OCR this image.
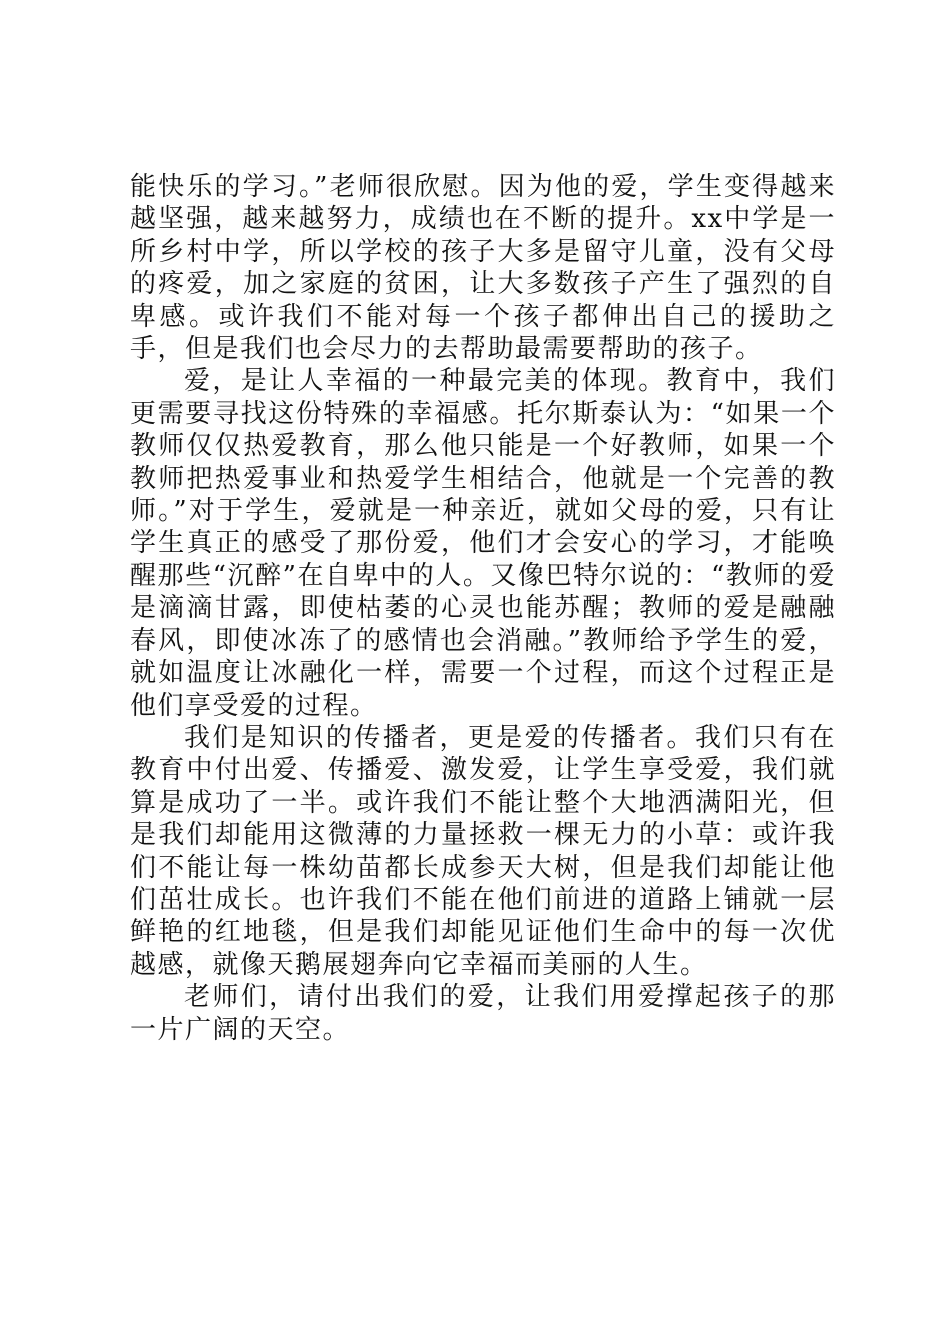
能快乐的学习。”老师很欣慰。因为他的爱，学生变得越来越坚强，越来越努力，成绩也在不断的提升。xx中学是一所乡村中学，所以学校的孩子大多是留守儿童，没有父母的疼爱，加之家庭的贫困，让大多数孩子产生了强烈的自卑感。或许我们不能对每一个孩子都伸出自己的援助之手，但是我们也会尽力的去帮助最需要帮助的孩子。

爱，是让人幸福的一种最完美的体现。教育中，我们更需要寻找这份特殊的幸福感。托尔斯泰认为：“如果一个教师仅仅热爱教育，那么他只能是一个好教师，如果一个教师把热爱事业和热爱学生相结合，他就是一个完善的教师。”对于学生，爱就是一种亲近，就如父母的爱，只有让学生真正的感受了那份爱，他们才会安心的学习，才能唤醒那些“沉醉”在自卑中的人。又像巴特尔说的：“教师的爱是滴滴甘露，即使枯萎的心灵也能苏醒；教师的爱是融融春风，即使冰冻了的感情也会消融。”教师给予学生的爱，就如温度让冰融化一样，需要一个过程，而这个过程正是他们享受爱的过程。

我们是知识的传播者，更是爱的传播者。我们只有在教育中付出爱、传播爱、激发爱，让学生享受爱，我们就算是成功了一半。或许我们不能让整个大地洒满阳光，但是我们却能用这微薄的力量拯救一棵无力的小草：或许我们不能让每一株幼苗都长成参天大树，但是我们却能让他们茁壮成长。也许我们不能在他们前进的道路上铺就一层鲜艳的红地毯，但是我们却能见证他们生命中的每一次优越感，就像天鹅展翅奔向它幸福而美丽的人生。

老师们，请付出我们的爱，让我们用爱撑起孩子的那一片广阔的天空。
